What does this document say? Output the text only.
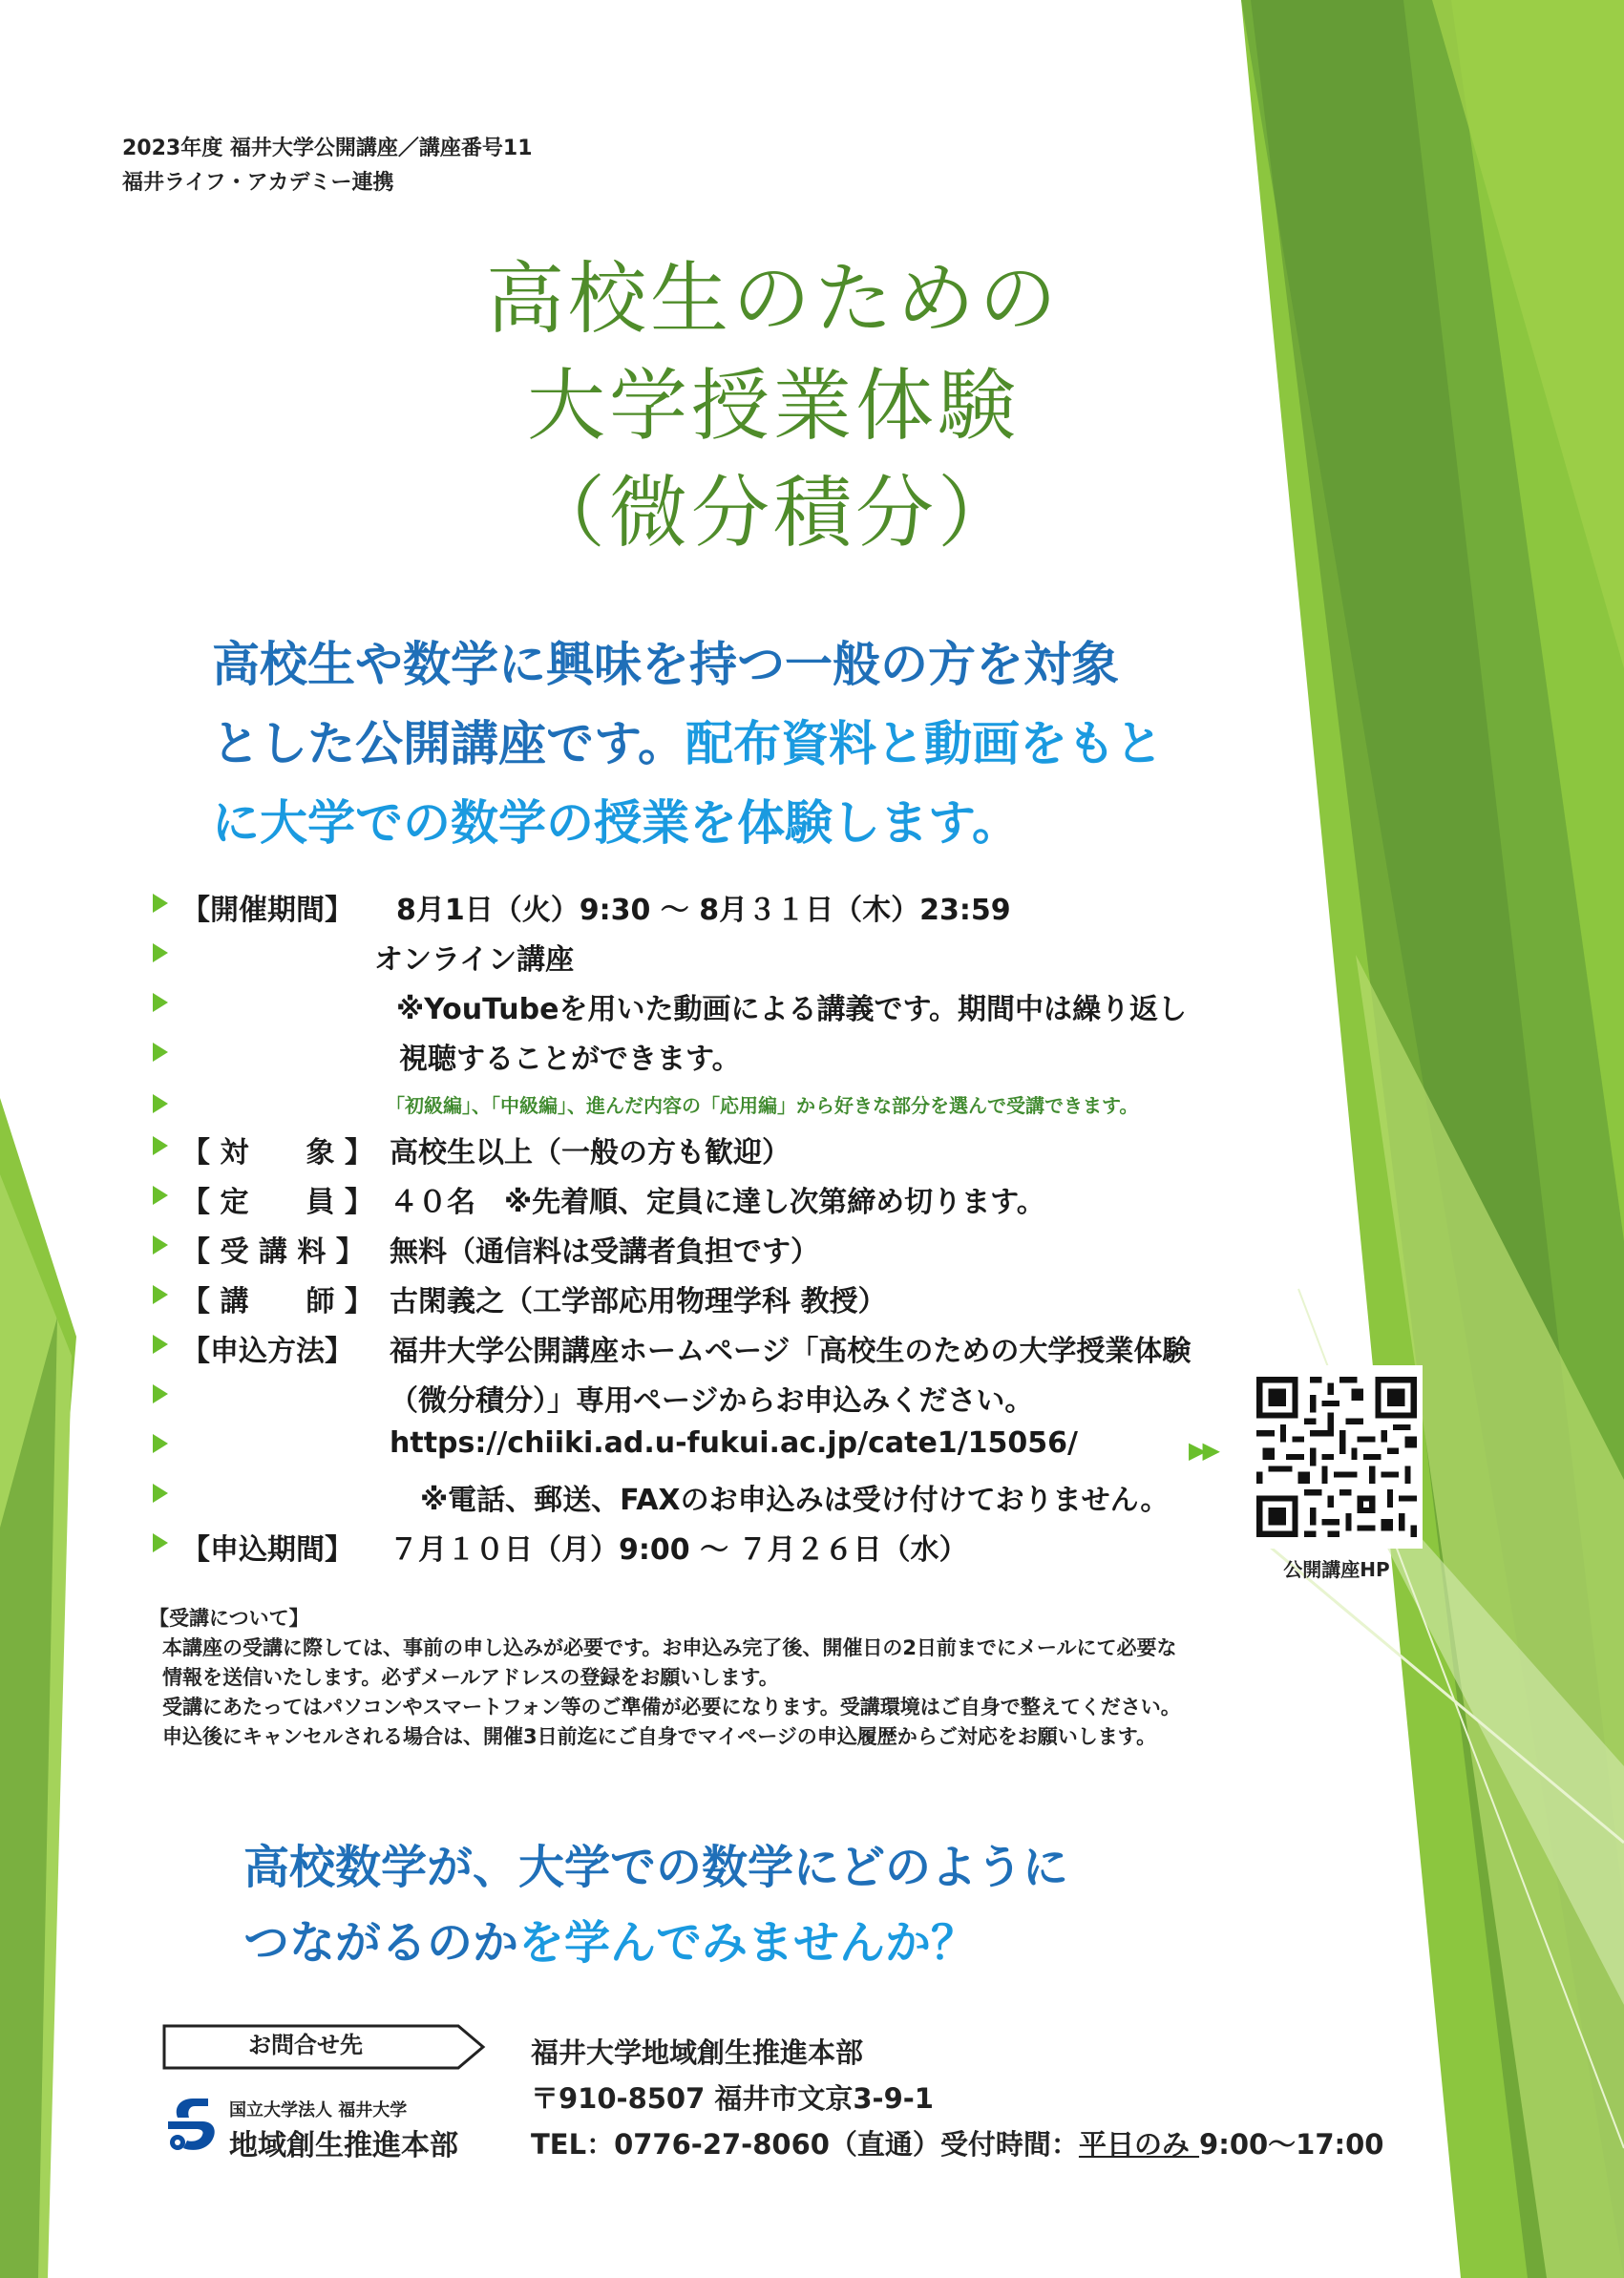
2023年度 福井大学公開講座／講座番号11
福井ライフ・アカデミー連携
高校生のための
大学授業体験
（微分積分）
高校生や数学に興味を持つ一般の方を対象
とした公開講座です。配布資料と動画をもと
に大学での数学の授業を体験します。
【開催期間】	8月1日（火）9:30 ～ 8月３１日（木）23:59
オンライン講座
※YouTubeを用いた動画による講義です。期間中は繰り返し
視聴することができます。
「初級編」、「中級編」、進んだ内容の「応用編」から好きな部分を選んで受講できます。
【 対　　象 】 高校生以上（一般の方も歓迎）
【 定　　員 】 ４０名　※先着順、定員に達し次第締め切ります。
【 受 講 料 】 無料（通信料は受講者負担です）
【 講　　師 】 古閑義之（工学部応用物理学科 教授）
【申込方法】	福井大学公開講座ホームページ「高校生のための大学授業体験
（微分積分）」専用ページからお申込みください。
https://chiiki.ad.u-fukui.ac.jp/cate1/15056/
※電話、郵送、FAXのお申込みは受け付けておりません。
【申込期間】	７月１０日（月）9:00 ～ ７月２６日（水）
▶▶
公開講座HP
【受講について】

本講座の受講に際しては、事前の申し込みが必要です。お申込み完了後、開催日の2日前までにメールにて必要な

情報を送信いたします。必ずメールアドレスの登録をお願いします。

受講にあたってはパソコンやスマートフォン等のご準備が必要になります。受講環境はご自身で整えてください。

申込後にキャンセルされる場合は、開催3日前迄にご自身でマイページの申込履歴からご対応をお願いします。

高校数学が、大学での数学にどのように
つながるのかを学んでみませんか？
お問合せ先
国立大学法人 福井大学
地域創生推進本部
福井大学地域創生推進本部
〒910-8507 福井市文京3-9-1
TEL：0776-27-8060（直通）受付時間：平日のみ 9:00～17:00
